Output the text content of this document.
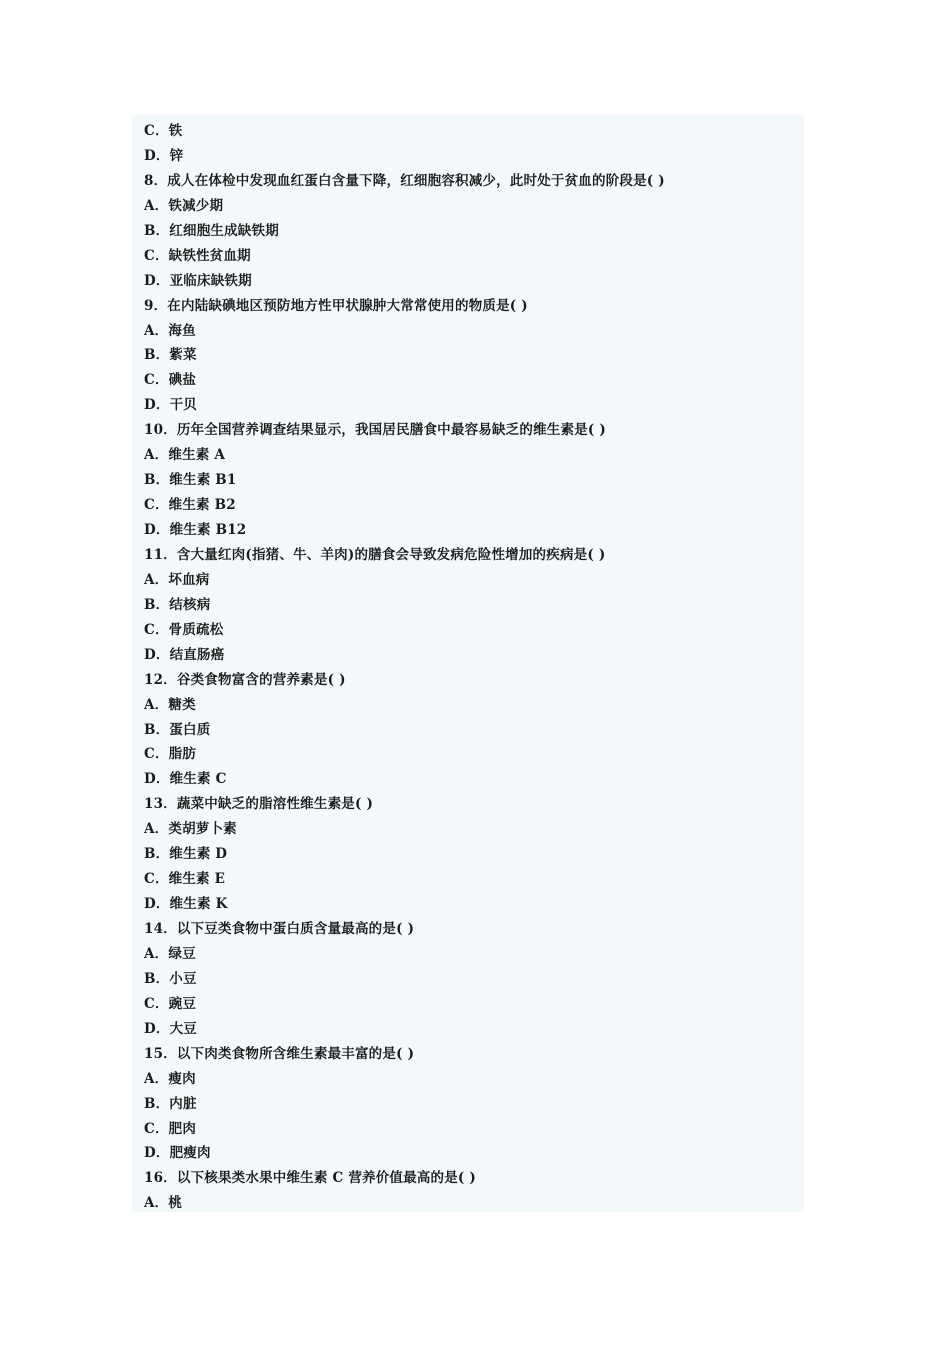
C．铁
D．锌
8．成人在体检中发现血红蛋白含量下降，红细胞容积减少，此时处于贫血的阶段是( )
A．铁减少期
B．红细胞生成缺铁期
C．缺铁性贫血期
D．亚临床缺铁期
9．在内陆缺碘地区预防地方性甲状腺肿大常常使用的物质是( )
A．海鱼
B．紫菜
C．碘盐
D．干贝
10．历年全国营养调查结果显示，我国居民膳食中最容易缺乏的维生素是( )
A．维生素 A
B．维生素 B1
C．维生素 B2
D．维生素 B12
11．含大量红肉(指猪、牛、羊肉)的膳食会导致发病危险性增加的疾病是( )
A．坏血病
B．结核病
C．骨质疏松
D．结直肠癌
12．谷类食物富含的营养素是( )
A．糖类
B．蛋白质
C．脂肪
D．维生素 C
13．蔬菜中缺乏的脂溶性维生素是( )
A．类胡萝卜素
B．维生素 D
C．维生素 E
D．维生素 K
14．以下豆类食物中蛋白质含量最高的是( )
A．绿豆
B．小豆
C．豌豆
D．大豆
15．以下肉类食物所含维生素最丰富的是( )
A．瘦肉
B．内脏
C．肥肉
D．肥瘦肉
16．以下核果类水果中维生素 C 营养价值最高的是( )
A．桃
